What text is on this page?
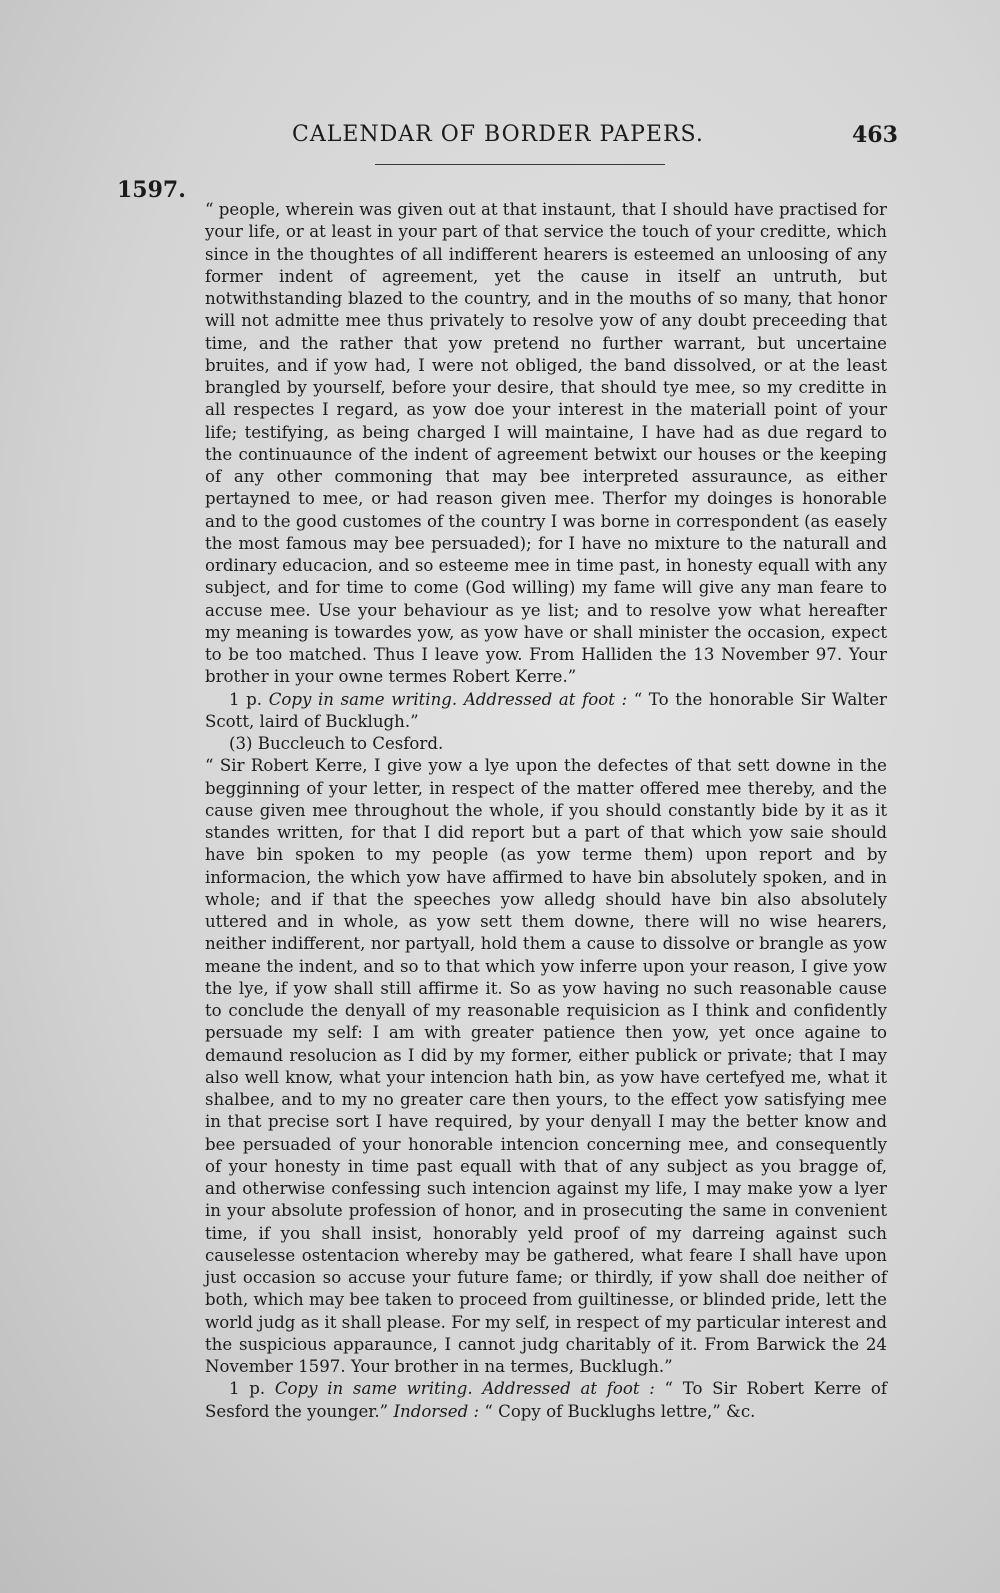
CALENDAR OF BORDER PAPERS.	463
1597.

“ people, wherein was given out at that instaunt, that I should have practised for your life, or at least in your part of that service the touch of your creditte, which since in the thoughtes of all indifferent hearers is esteemed an unloosing of any former indent of agreement, yet the cause in itself an untruth, but notwithstanding blazed to the country, and in the mouths of so many, that honor will not admitte mee thus privately to resolve yow of any doubt preceeding that time, and the rather that yow pretend no further warrant, but uncertaine bruites, and if yow had, I were not obliged, the band dissolved, or at the least brangled by yourself, before your desire, that should tye mee, so my creditte in all respectes I regard, as yow doe your interest in the materiall point of your life; testifying, as being charged I will maintaine, I have had as due regard to the continuaunce of the indent of agreement betwixt our houses or the keeping of any other commoning that may bee interpreted assuraunce, as either pertayned to mee, or had reason given mee. Therfor my doinges is honorable and to the good customes of the country I was borne in correspondent (as easely the most famous may bee persuaded); for I have no mixture to the naturall and ordinary educacion, and so esteeme mee in time past, in honesty equall with any subject, and for time to come (God willing) my fame will give any man feare to accuse mee. Use your behaviour as ye list; and to resolve yow what hereafter my meaning is towardes yow, as yow have or shall minister the occasion, expect to be too matched. Thus I leave yow. From Halliden the 13 November 97. Your brother in your owne termes Robert Kerre.”

1 p. Copy in same writing. Addressed at foot : “ To the honorable Sir Walter Scott, laird of Bucklugh.”

(3) Buccleuch to Cesford.

“ Sir Robert Kerre, I give yow a lye upon the defectes of that sett downe in the begginning of your letter, in respect of the matter offered mee thereby, and the cause given mee throughout the whole, if you should constantly bide by it as it standes written, for that I did report but a part of that which yow saie should have bin spoken to my people (as yow terme them) upon report and by informacion, the which yow have affirmed to have bin absolutely spoken, and in whole; and if that the speeches yow alledg should have bin also absolutely uttered and in whole, as yow sett them downe, there will no wise hearers, neither indifferent, nor partyall, hold them a cause to dissolve or brangle as yow meane the indent, and so to that which yow inferre upon your reason, I give yow the lye, if yow shall still affirme it. So as yow having no such reasonable cause to conclude the denyall of my reasonable requisicion as I think and confidently persuade my self: I am with greater patience then yow, yet once againe to demaund resolucion as I did by my former, either publick or private; that I may also well know, what your intencion hath bin, as yow have certefyed me, what it shalbee, and to my no greater care then yours, to the effect yow satisfying mee in that precise sort I have required, by your denyall I may the better know and bee persuaded of your honorable intencion concerning mee, and consequently of your honesty in time past equall with that of any subject as you bragge of, and otherwise confessing such intencion against my life, I may make yow a lyer in your absolute profession of honor, and in prosecuting the same in convenient time, if you shall insist, honorably yeld proof of my darreing against such causelesse ostentacion whereby may be gathered, what feare I shall have upon just occasion so accuse your future fame; or thirdly, if yow shall doe neither of both, which may bee taken to proceed from guiltinesse, or blinded pride, lett the world judg as it shall please. For my self, in respect of my particular interest and the suspicious apparaunce, I cannot judg charitably of it. From Barwick the 24 November 1597. Your brother in na termes, Bucklugh.”

1 p. Copy in same writing. Addressed at foot : “ To Sir Robert Kerre of Sesford the younger.” Indorsed : “ Copy of Bucklughs lettre,” &c.
